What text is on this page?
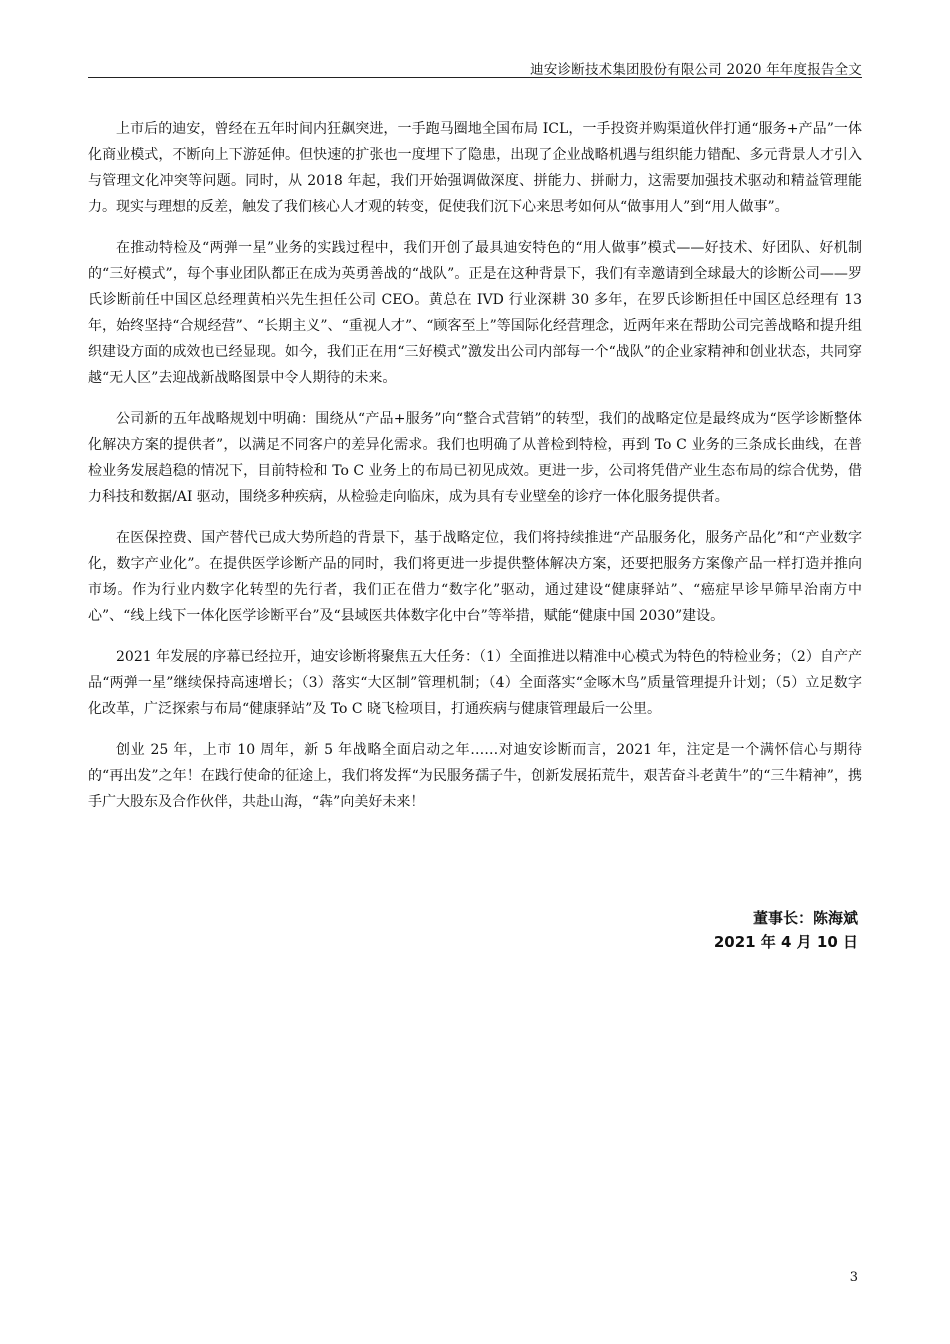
迪安诊断技术集团股份有限公司 2020 年年度报告全文

上市后的迪安，曾经在五年时间内狂飙突进，一手跑马圈地全国布局 ICL，一手投资并购渠道伙伴打通“服务+产品”一体化商业模式，不断向上下游延伸。但快速的扩张也一度埋下了隐患，出现了企业战略机遇与组织能力错配、多元背景人才引入与管理文化冲突等问题。同时，从 2018 年起，我们开始强调做深度、拼能力、拼耐力，这需要加强技术驱动和精益管理能力。现实与理想的反差，触发了我们核心人才观的转变，促使我们沉下心来思考如何从“做事用人”到“用人做事”。

在推动特检及“两弹一星”业务的实践过程中，我们开创了最具迪安特色的“用人做事”模式——好技术、好团队、好机制的“三好模式”，每个事业团队都正在成为英勇善战的“战队”。正是在这种背景下，我们有幸邀请到全球最大的诊断公司——罗氏诊断前任中国区总经理黄柏兴先生担任公司 CEO。黄总在 IVD 行业深耕 30 多年，在罗氏诊断担任中国区总经理有 13 年，始终坚持“合规经营”、“长期主义”、“重视人才”、“顾客至上”等国际化经营理念，近两年来在帮助公司完善战略和提升组织建设方面的成效也已经显现。如今，我们正在用“三好模式”激发出公司内部每一个“战队”的企业家精神和创业状态，共同穿越“无人区”去迎战新战略图景中令人期待的未来。

公司新的五年战略规划中明确：围绕从“产品+服务”向“整合式营销”的转型，我们的战略定位是最终成为“医学诊断整体化解决方案的提供者”，以满足不同客户的差异化需求。我们也明确了从普检到特检，再到 To C 业务的三条成长曲线，在普检业务发展趋稳的情况下，目前特检和 To C 业务上的布局已初见成效。更进一步，公司将凭借产业生态布局的综合优势，借力科技和数据/AI 驱动，围绕多种疾病，从检验走向临床，成为具有专业壁垒的诊疗一体化服务提供者。

在医保控费、国产替代已成大势所趋的背景下，基于战略定位，我们将持续推进“产品服务化，服务产品化”和“产业数字化，数字产业化”。在提供医学诊断产品的同时，我们将更进一步提供整体解决方案，还要把服务方案像产品一样打造并推向市场。作为行业内数字化转型的先行者，我们正在借力“数字化”驱动，通过建设“健康驿站”、“癌症早诊早筛早治南方中心”、“线上线下一体化医学诊断平台”及“县域医共体数字化中台”等举措，赋能“健康中国 2030”建设。

2021 年发展的序幕已经拉开，迪安诊断将聚焦五大任务：（1）全面推进以精准中心模式为特色的特检业务；（2）自产产品“两弹一星”继续保持高速增长；（3）落实“大区制”管理机制；（4）全面落实“金啄木鸟”质量管理提升计划；（5）立足数字化改革，广泛探索与布局“健康驿站”及 To C 晓飞检项目，打通疾病与健康管理最后一公里。

创业 25 年，上市 10 周年，新 5 年战略全面启动之年……对迪安诊断而言，2021 年，注定是一个满怀信心与期待的“再出发”之年！在践行使命的征途上，我们将发挥“为民服务孺子牛，创新发展拓荒牛，艰苦奋斗老黄牛”的“三牛精神”，携手广大股东及合作伙伴，共赴山海，“犇”向美好未来！

董事长：陈海斌
2021 年 4 月 10 日
3
